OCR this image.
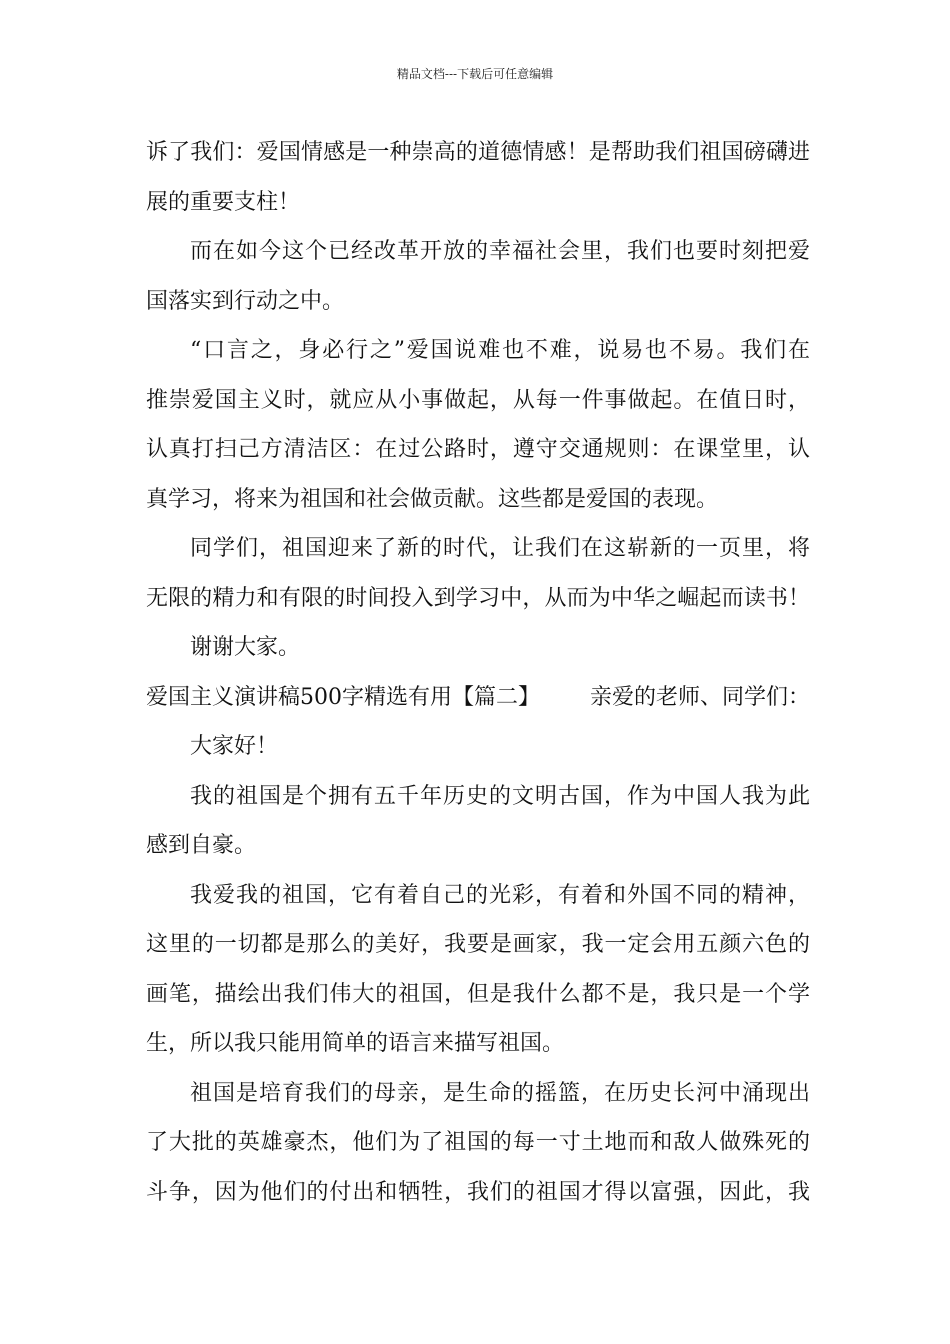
精品文档---下载后可任意编辑
诉了我们：爱国情感是一种崇高的道德情感！是帮助我们祖国磅礴进
展的重要支柱！
而在如今这个已经改革开放的幸福社会里，我们也要时刻把爱
国落实到行动之中。
“口言之，身必行之”爱国说难也不难，说易也不易。我们在
推崇爱国主义时，就应从小事做起，从每一件事做起。在值日时，
认真打扫己方清洁区：在过公路时，遵守交通规则：在课堂里，认
真学习，将来为祖国和社会做贡献。这些都是爱国的表现。
同学们，祖国迎来了新的时代，让我们在这崭新的一页里，将
无限的精力和有限的时间投入到学习中，从而为中华之崛起而读书！
谢谢大家。
爱国主义演讲稿500字精选有用【篇二】 亲爱的老师、同学们：
大家好！
我的祖国是个拥有五千年历史的文明古国，作为中国人我为此
感到自豪。
我爱我的祖国，它有着自己的光彩，有着和外国不同的精神，
这里的一切都是那么的美好，我要是画家，我一定会用五颜六色的
画笔，描绘出我们伟大的祖国，但是我什么都不是，我只是一个学
生，所以我只能用简单的语言来描写祖国。
祖国是培育我们的母亲，是生命的摇篮，在历史长河中涌现出
了大批的英雄豪杰，他们为了祖国的每一寸土地而和敌人做殊死的
斗争，因为他们的付出和牺牲，我们的祖国才得以富强，因此，我
